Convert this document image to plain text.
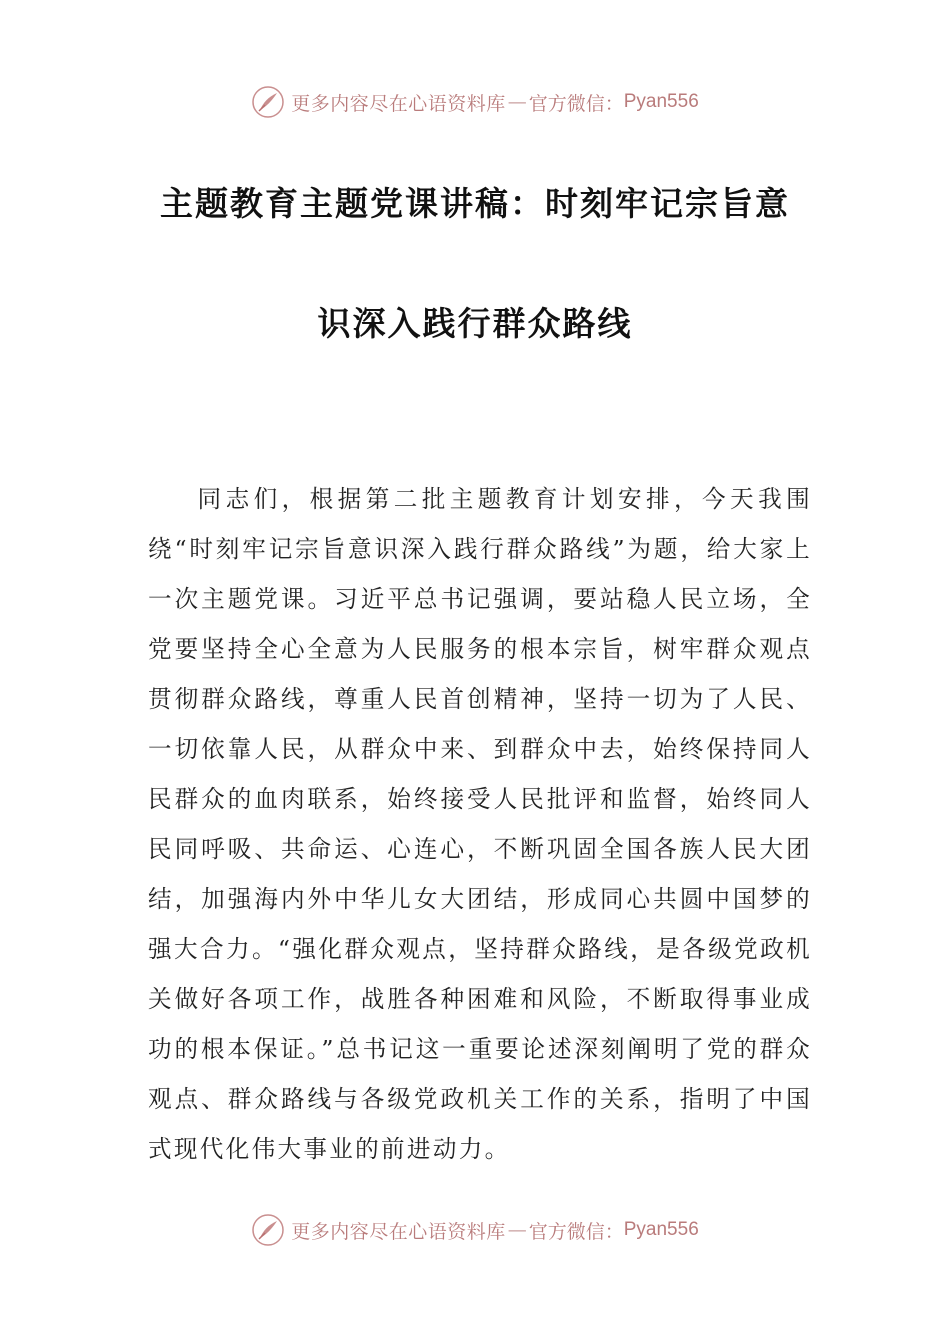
更多内容尽在心语资料库 — 官方微信： Pyan556
主题教育主题党课讲稿：时刻牢记宗旨意
识深入践行群众路线
同志们，根据第二批主题教育计划安排，今天我围绕“时刻牢记宗旨意识深入践行群众路线”为题，给大家上一次主题党课。习近平总书记强调，要站稳人民立场，全党要坚持全心全意为人民服务的根本宗旨，树牢群众观点贯彻群众路线，尊重人民首创精神，坚持一切为了人民、一切依靠人民，从群众中来、到群众中去，始终保持同人民群众的血肉联系，始终接受人民批评和监督，始终同人民同呼吸、共命运、心连心，不断巩固全国各族人民大团结，加强海内外中华儿女大团结，形成同心共圆中国梦的强大合力。“强化群众观点，坚持群众路线，是各级党政机关做好各项工作，战胜各种困难和风险，不断取得事业成功的根本保证。”总书记这一重要论述深刻阐明了党的群众观点、群众路线与各级党政机关工作的关系，指明了中国式现代化伟大事业的前进动力。
更多内容尽在心语资料库 — 官方微信： Pyan556
